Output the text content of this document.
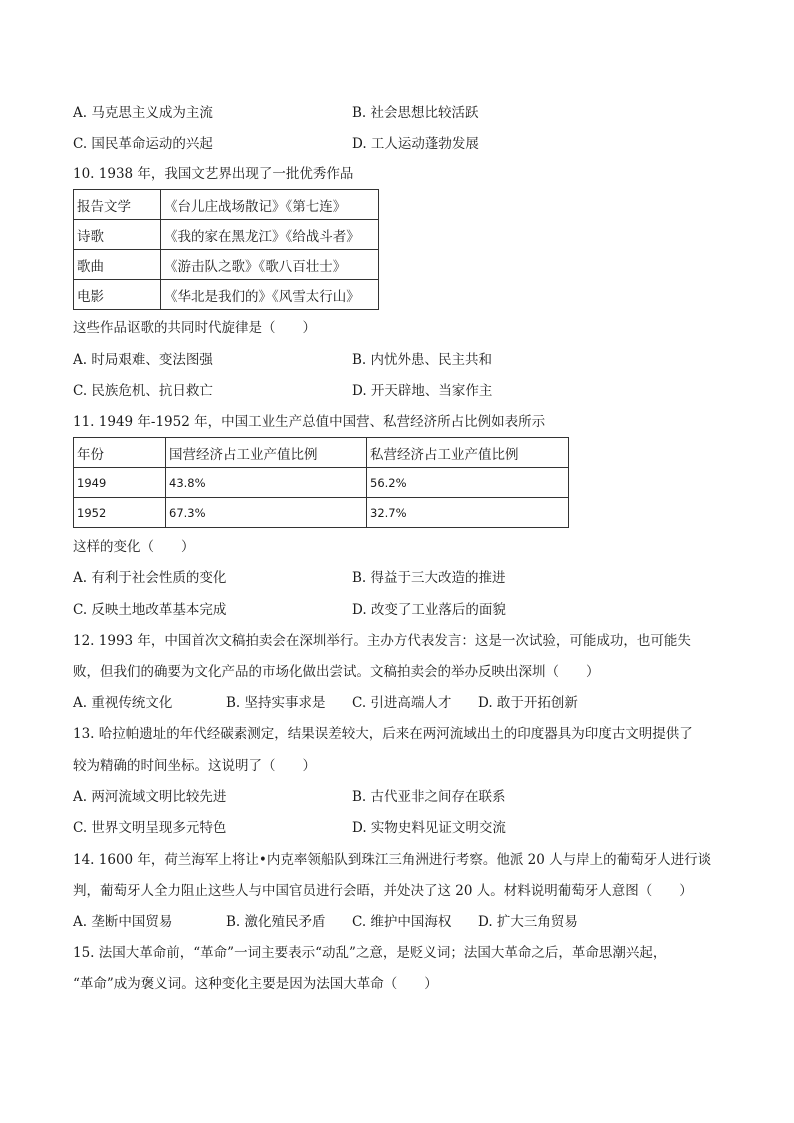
A. 马克思主义成为主流	B. 社会思想比较活跃
C. 国民革命运动的兴起	D. 工人运动蓬勃发展
10. 1938 年，我国文艺界出现了一批优秀作品
报告文学	《台儿庄战场散记》《第七连》
诗歌	《我的家在黑龙江》《给战斗者》
歌曲	《游击队之歌》《歌八百壮士》
电影	《华北是我们的》《风雪太行山》
这些作品讴歌的共同时代旋律是（　　）
A. 时局艰难、变法图强	B. 内忧外患、民主共和
C. 民族危机、抗日救亡	D. 开天辟地、当家作主
11. 1949 年-1952 年，中国工业生产总值中国营、私营经济所占比例如表所示
年份	国营经济占工业产值比例	私营经济占工业产值比例
1949	43.8%	56.2%
1952	67.3%	32.7%
这样的变化（　　）
A. 有利于社会性质的变化	B. 得益于三大改造的推进
C. 反映土地改革基本完成	D. 改变了工业落后的面貌
12. 1993 年，中国首次文稿拍卖会在深圳举行。主办方代表发言：这是一次试验，可能成功，也可能失
败，但我们的确要为文化产品的市场化做出尝试。文稿拍卖会的举办反映出深圳（　　）
A. 重视传统文化	B. 坚持实事求是 C. 引进高端人才 D. 敢于开拓创新
13. 哈拉帕遗址的年代经碳素测定，结果误差较大，后来在两河流域出土的印度器具为印度古文明提供了
较为精确的时间坐标。这说明了（　　）
A. 两河流域文明比较先进	B. 古代亚非之间存在联系
C. 世界文明呈现多元特色	D. 实物史料见证文明交流
14. 1600 年，荷兰海军上将让•内克率领船队到珠江三角洲进行考察。他派 20 人与岸上的葡萄牙人进行谈
判，葡萄牙人全力阻止这些人与中国官员进行会晤，并处决了这 20 人。材料说明葡萄牙人意图（　　）
A. 垄断中国贸易	B. 激化殖民矛盾 C. 维护中国海权 D. 扩大三角贸易
15. 法国大革命前，“革命”一词主要表示“动乱”之意，是贬义词；法国大革命之后，革命思潮兴起，
“革命”成为褒义词。这种变化主要是因为法国大革命（　　）
